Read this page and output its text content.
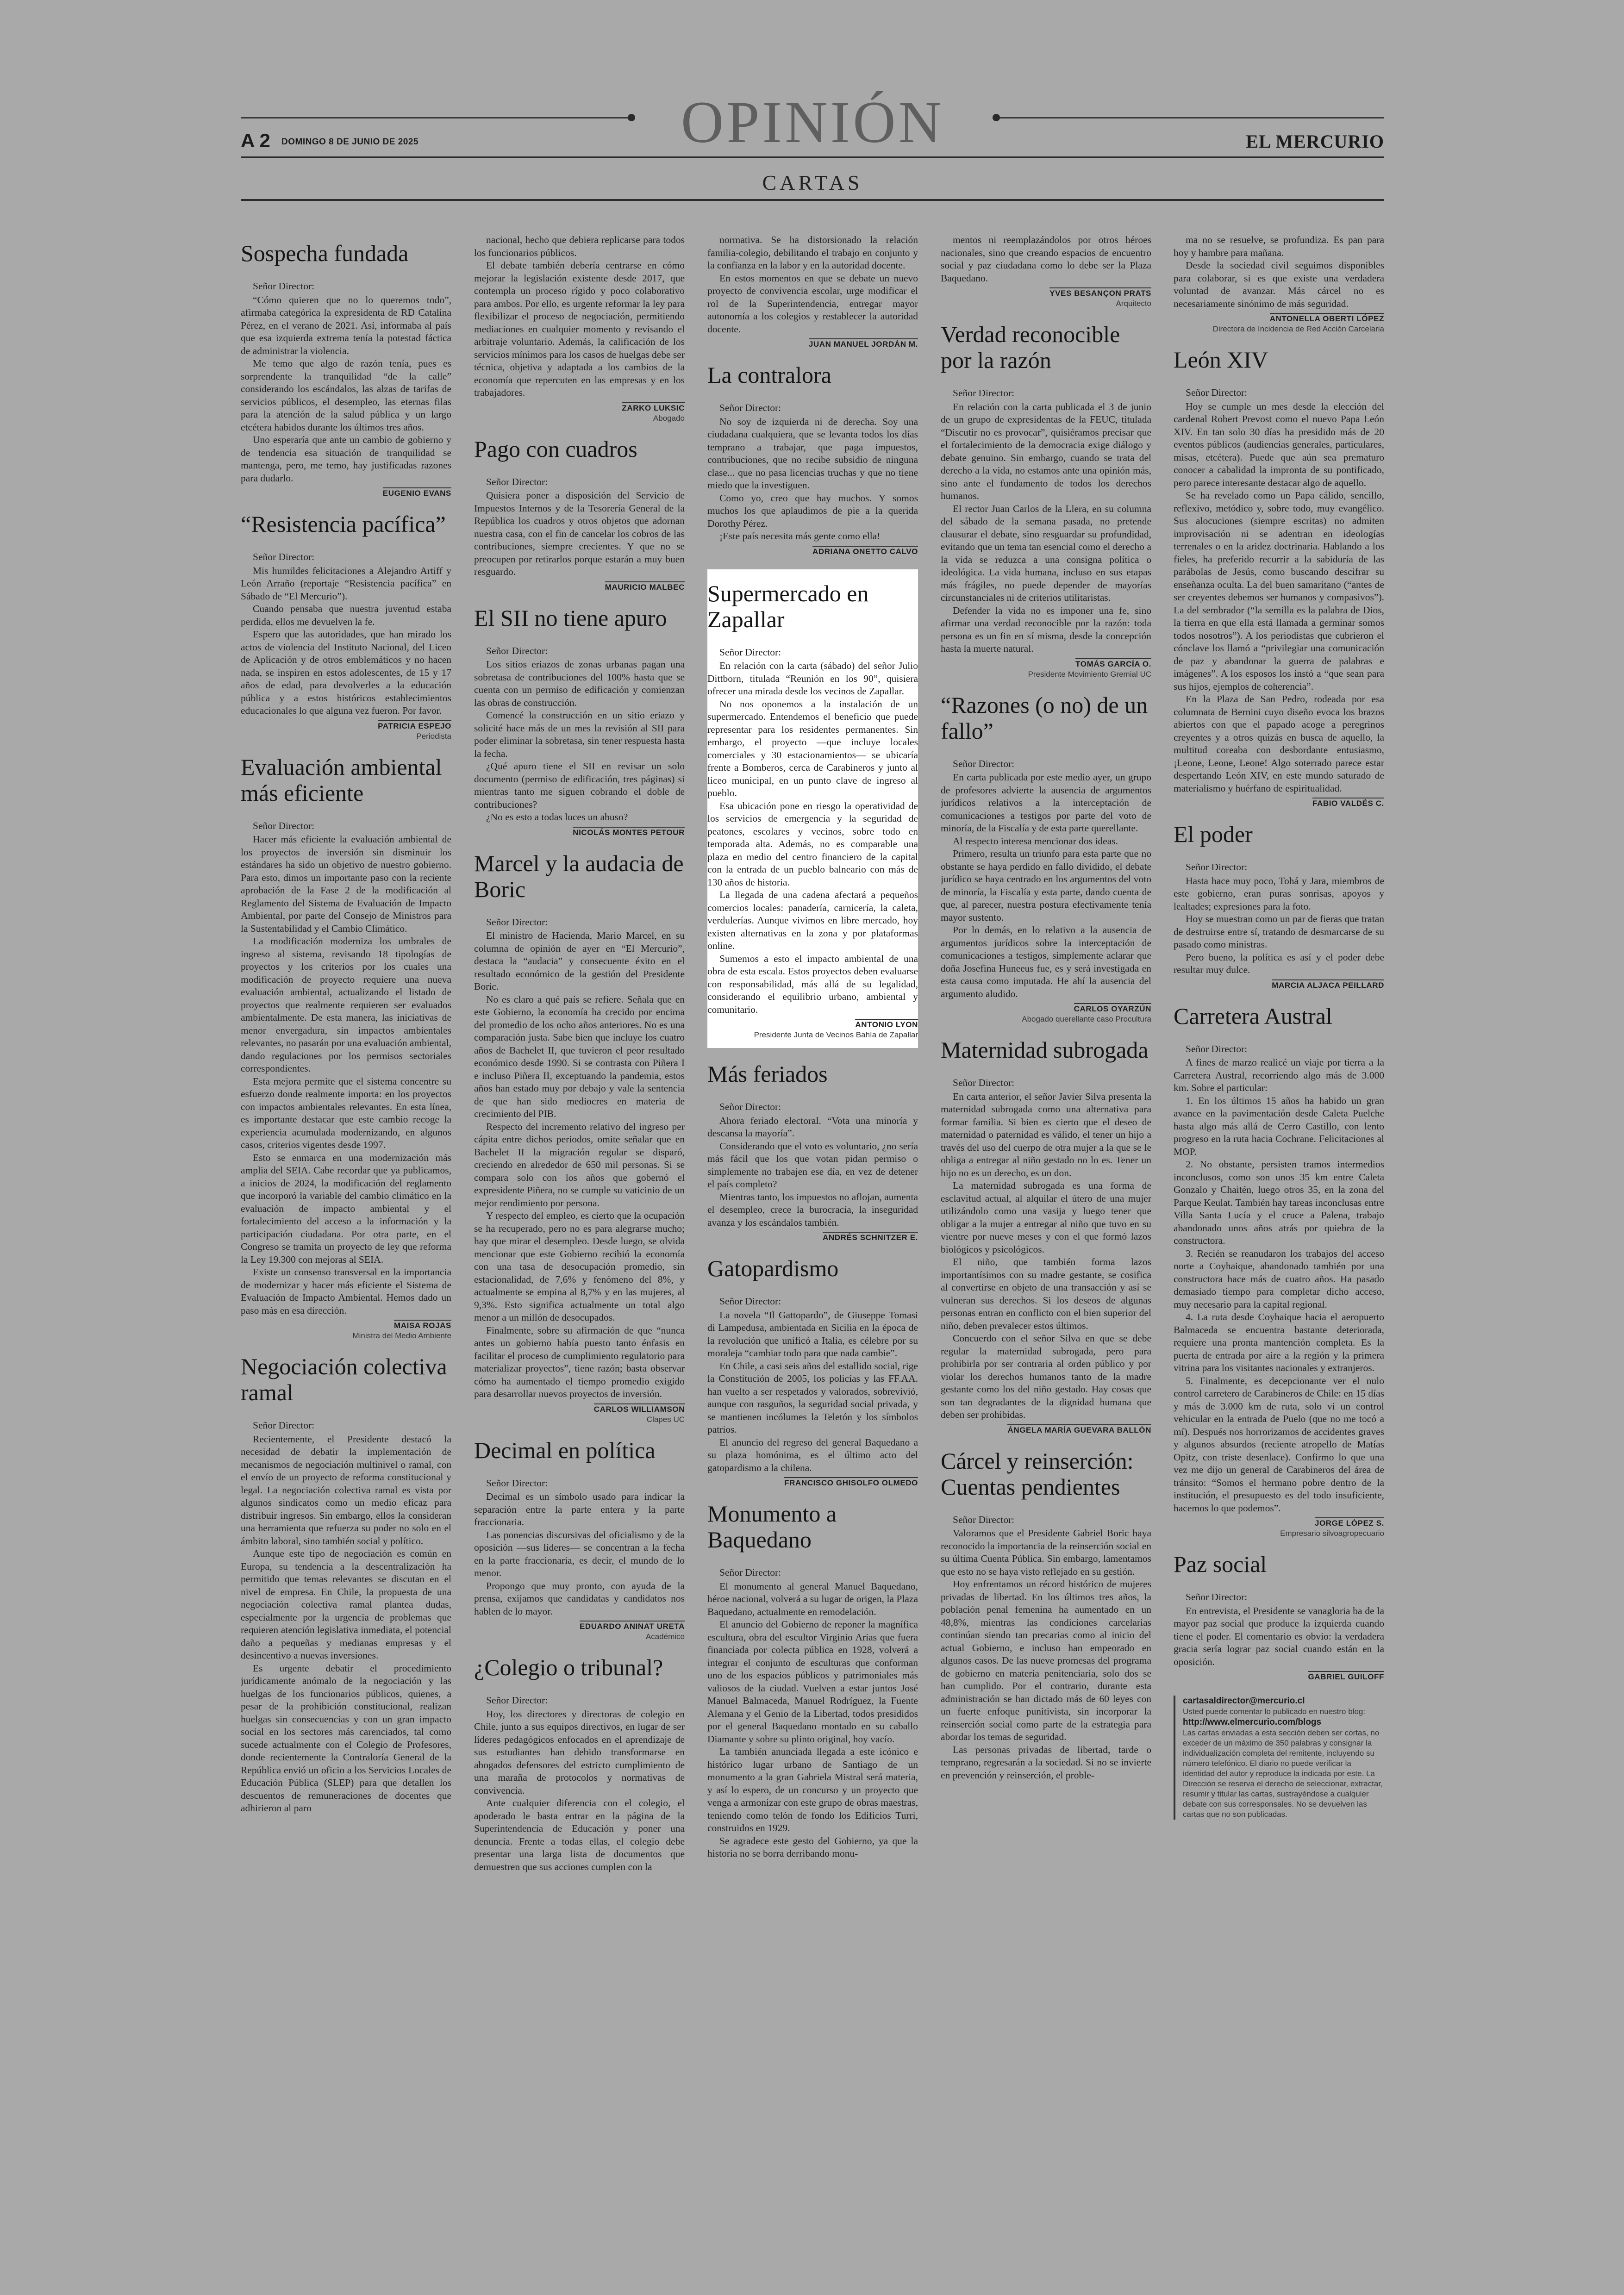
OPINIÓN
A 2 DOMINGO 8 DE JUNIO DE 2025	EL MERCURIO
CARTAS
Sospecha fundada

Señor Director:

“Cómo quieren que no lo queremos todo”, afirmaba categórica la expresidenta de RD Catalina Pérez, en el verano de 2021. Así, informaba al país que esa izquierda extrema tenía la potestad fáctica de administrar la violencia.

Me temo que algo de razón tenía, pues es sorprendente la tranquilidad “de la calle” considerando los escándalos, las alzas de tarifas de servicios públicos, el desempleo, las eternas filas para la atención de la salud pública y un largo etcétera habidos durante los últimos tres años.

Uno esperaría que ante un cambio de gobierno y de tendencia esa situación de tranquilidad se mantenga, pero, me temo, hay justificadas razones para dudarlo.

EUGENIO EVANS
“Resistencia pacífica”

Señor Director:

Mis humildes felicitaciones a Alejandro Artiff y León Arraño (reportaje “Resistencia pacífica” en Sábado de “El Mercurio”).

Cuando pensaba que nuestra juventud estaba perdida, ellos me devuelven la fe.

Espero que las autoridades, que han mirado los actos de violencia del Instituto Nacional, del Liceo de Aplicación y de otros emblemáticos y no hacen nada, se inspiren en estos adolescentes, de 15 y 17 años de edad, para devolverles a la educación pública y a estos históricos establecimientos educacionales lo que alguna vez fueron. Por favor.

PATRICIA ESPEJO
Periodista
Evaluación ambiental más eficiente

Señor Director:

Hacer más eficiente la evaluación ambiental de los proyectos de inversión sin disminuir los estándares ha sido un objetivo de nuestro gobierno. Para esto, dimos un importante paso con la reciente aprobación de la Fase 2 de la modificación al Reglamento del Sistema de Evaluación de Impacto Ambiental, por parte del Consejo de Ministros para la Sustentabilidad y el Cambio Climático.

La modificación moderniza los umbrales de ingreso al sistema, revisando 18 tipologías de proyectos y los criterios por los cuales una modificación de proyecto requiere una nueva evaluación ambiental, actualizando el listado de proyectos que realmente requieren ser evaluados ambientalmente. De esta manera, las iniciativas de menor envergadura, sin impactos ambientales relevantes, no pasarán por una evaluación ambiental, dando regulaciones por los permisos sectoriales correspondientes.

Esta mejora permite que el sistema concentre su esfuerzo donde realmente importa: en los proyectos con impactos ambientales relevantes. En esta línea, es importante destacar que este cambio recoge la experiencia acumulada modernizando, en algunos casos, criterios vigentes desde 1997.

Esto se enmarca en una modernización más amplia del SEIA. Cabe recordar que ya publicamos, a inicios de 2024, la modificación del reglamento que incorporó la variable del cambio climático en la evaluación de impacto ambiental y el fortalecimiento del acceso a la información y la participación ciudadana. Por otra parte, en el Congreso se tramita un proyecto de ley que reforma la Ley 19.300 con mejoras al SEIA.

Existe un consenso transversal en la importancia de modernizar y hacer más eficiente el Sistema de Evaluación de Impacto Ambiental. Hemos dado un paso más en esa dirección.

MAISA ROJAS
Ministra del Medio Ambiente
Negociación colectiva ramal

Señor Director:

Recientemente, el Presidente destacó la necesidad de debatir la implementación de mecanismos de negociación multinivel o ramal, con el envío de un proyecto de reforma constitucional y legal. La negociación colectiva ramal es vista por algunos sindicatos como un medio eficaz para distribuir ingresos. Sin embargo, ellos la consideran una herramienta que refuerza su poder no solo en el ámbito laboral, sino también social y político.

Aunque este tipo de negociación es común en Europa, su tendencia a la descentralización ha permitido que temas relevantes se discutan en el nivel de empresa. En Chile, la propuesta de una negociación colectiva ramal plantea dudas, especialmente por la urgencia de problemas que requieren atención legislativa inmediata, el potencial daño a pequeñas y medianas empresas y el desincentivo a nuevas inversiones.

Es urgente debatir el procedimiento jurídicamente anómalo de la negociación y las huelgas de los funcionarios públicos, quienes, a pesar de la prohibición constitucional, realizan huelgas sin consecuencias y con un gran impacto social en los sectores más carenciados, tal como sucede actualmente con el Colegio de Profesores, donde recientemente la Contraloría General de la República envió un oficio a los Servicios Locales de Educación Pública (SLEP) para que detallen los descuentos de remuneraciones de docentes que adhirieron al paro

nacional, hecho que debiera replicarse para todos los funcionarios públicos.

El debate también debería centrarse en cómo mejorar la legislación existente desde 2017, que contempla un proceso rígido y poco colaborativo para ambos. Por ello, es urgente reformar la ley para flexibilizar el proceso de negociación, permitiendo mediaciones en cualquier momento y revisando el arbitraje voluntario. Además, la calificación de los servicios mínimos para los casos de huelgas debe ser técnica, objetiva y adaptada a los cambios de la economía que repercuten en las empresas y en los trabajadores.

ZARKO LUKSIC
Abogado
Pago con cuadros

Señor Director:

Quisiera poner a disposición del Servicio de Impuestos Internos y de la Tesorería General de la República los cuadros y otros objetos que adornan nuestra casa, con el fin de cancelar los cobros de las contribuciones, siempre crecientes. Y que no se preocupen por retirarlos porque estarán a muy buen resguardo.

MAURICIO MALBEC
El SII no tiene apuro

Señor Director:

Los sitios eriazos de zonas urbanas pagan una sobretasa de contribuciones del 100% hasta que se cuenta con un permiso de edificación y comienzan las obras de construcción.

Comencé la construcción en un sitio eriazo y solicité hace más de un mes la revisión al SII para poder eliminar la sobretasa, sin tener respuesta hasta la fecha.

¿Qué apuro tiene el SII en revisar un solo documento (permiso de edificación, tres páginas) si mientras tanto me siguen cobrando el doble de contribuciones?

¿No es esto a todas luces un abuso?

NICOLÁS MONTES PETOUR
Marcel y la audacia de Boric

Señor Director:

El ministro de Hacienda, Mario Marcel, en su columna de opinión de ayer en “El Mercurio”, destaca la “audacia” y consecuente éxito en el resultado económico de la gestión del Presidente Boric.

No es claro a qué país se refiere. Señala que en este Gobierno, la economía ha crecido por encima del promedio de los ocho años anteriores. No es una comparación justa. Sabe bien que incluye los cuatro años de Bachelet II, que tuvieron el peor resultado económico desde 1990. Si se contrasta con Piñera I e incluso Piñera II, exceptuando la pandemia, estos años han estado muy por debajo y vale la sentencia de que han sido mediocres en materia de crecimiento del PIB.

Respecto del incremento relativo del ingreso per cápita entre dichos periodos, omite señalar que en Bachelet II la migración regular se disparó, creciendo en alrededor de 650 mil personas. Si se compara solo con los años que gobernó el expresidente Piñera, no se cumple su vaticinio de un mejor rendimiento por persona.

Y respecto del empleo, es cierto que la ocupación se ha recuperado, pero no es para alegrarse mucho; hay que mirar el desempleo. Desde luego, se olvida mencionar que este Gobierno recibió la economía con una tasa de desocupación promedio, sin estacionalidad, de 7,6% y fenómeno del 8%, y actualmente se empina al 8,7% y en las mujeres, al 9,3%. Esto significa actualmente un total algo menor a un millón de desocupados.

Finalmente, sobre su afirmación de que “nunca antes un gobierno había puesto tanto énfasis en facilitar el proceso de cumplimiento regulatorio para materializar proyectos”, tiene razón; basta observar cómo ha aumentado el tiempo promedio exigido para desarrollar nuevos proyectos de inversión.

CARLOS WILLIAMSON
Clapes UC
Decimal en política

Señor Director:

Decimal es un símbolo usado para indicar la separación entre la parte entera y la parte fraccionaria.

Las ponencias discursivas del oficialismo y de la oposición —sus líderes— se concentran a la fecha en la parte fraccionaria, es decir, el mundo de lo menor.

Propongo que muy pronto, con ayuda de la prensa, exijamos que candidatas y candidatos nos hablen de lo mayor.

EDUARDO ANINAT URETA
Académico
¿Colegio o tribunal?

Señor Director:

Hoy, los directores y directoras de colegio en Chile, junto a sus equipos directivos, en lugar de ser líderes pedagógicos enfocados en el aprendizaje de sus estudiantes han debido transformarse en abogados defensores del estricto cumplimiento de una maraña de protocolos y normativas de convivencia.

Ante cualquier diferencia con el colegio, el apoderado le basta entrar en la página de la Superintendencia de Educación y poner una denuncia. Frente a todas ellas, el colegio debe presentar una larga lista de documentos que demuestren que sus acciones cumplen con la

normativa. Se ha distorsionado la relación familia-colegio, debilitando el trabajo en conjunto y la confianza en la labor y en la autoridad docente.

En estos momentos en que se debate un nuevo proyecto de convivencia escolar, urge modificar el rol de la Superintendencia, entregar mayor autonomía a los colegios y restablecer la autoridad docente.

JUAN MANUEL JORDÁN M.
La contralora

Señor Director:

No soy de izquierda ni de derecha. Soy una ciudadana cualquiera, que se levanta todos los días temprano a trabajar, que paga impuestos, contribuciones, que no recibe subsidio de ninguna clase... que no pasa licencias truchas y que no tiene miedo que la investiguen.

Como yo, creo que hay muchos. Y somos muchos los que aplaudimos de pie a la querida Dorothy Pérez.

¡Este país necesita más gente como ella!

ADRIANA ONETTO CALVO
Supermercado en Zapallar

Señor Director:

En relación con la carta (sábado) del señor Julio Dittborn, titulada “Reunión en los 90”, quisiera ofrecer una mirada desde los vecinos de Zapallar.

No nos oponemos a la instalación de un supermercado. Entendemos el beneficio que puede representar para los residentes permanentes. Sin embargo, el proyecto —que incluye locales comerciales y 30 estacionamientos— se ubicaría frente a Bomberos, cerca de Carabineros y junto al liceo municipal, en un punto clave de ingreso al pueblo.

Esa ubicación pone en riesgo la operatividad de los servicios de emergencia y la seguridad de peatones, escolares y vecinos, sobre todo en temporada alta. Además, no es comparable una plaza en medio del centro financiero de la capital con la entrada de un pueblo balneario con más de 130 años de historia.

La llegada de una cadena afectará a pequeños comercios locales: panadería, carnicería, la caleta, verdulerías. Aunque vivimos en libre mercado, hoy existen alternativas en la zona y por plataformas online.

Sumemos a esto el impacto ambiental de una obra de esta escala. Estos proyectos deben evaluarse con responsabilidad, más allá de su legalidad, considerando el equilibrio urbano, ambiental y comunitario.

ANTONIO LYON
Presidente Junta de Vecinos Bahía de Zapallar
Más feriados

Señor Director:

Ahora feriado electoral. “Vota una minoría y descansa la mayoría”.

Considerando que el voto es voluntario, ¿no sería más fácil que los que votan pidan permiso o simplemente no trabajen ese día, en vez de detener el país completo?

Mientras tanto, los impuestos no aflojan, aumenta el desempleo, crece la burocracia, la inseguridad avanza y los escándalos también.

ANDRÉS SCHNITZER E.
Gatopardismo

Señor Director:

La novela “Il Gattopardo”, de Giuseppe Tomasi di Lampedusa, ambientada en Sicilia en la época de la revolución que unificó a Italia, es célebre por su moraleja “cambiar todo para que nada cambie”.

En Chile, a casi seis años del estallido social, rige la Constitución de 2005, los policías y las FF.AA. han vuelto a ser respetados y valorados, sobrevivió, aunque con rasguños, la seguridad social privada, y se mantienen incólumes la Teletón y los símbolos patrios.

El anuncio del regreso del general Baquedano a su plaza homónima, es el último acto del gatopardismo a la chilena.

FRANCISCO GHISOLFO OLMEDO
Monumento a Baquedano

Señor Director:

El monumento al general Manuel Baquedano, héroe nacional, volverá a su lugar de origen, la Plaza Baquedano, actualmente en remodelación.

El anuncio del Gobierno de reponer la magnífica escultura, obra del escultor Virginio Arias que fuera financiada por colecta pública en 1928, volverá a integrar el conjunto de esculturas que conforman uno de los espacios públicos y patrimoniales más valiosos de la ciudad. Vuelven a estar juntos José Manuel Balmaceda, Manuel Rodríguez, la Fuente Alemana y el Genio de la Libertad, todos presididos por el general Baquedano montado en su caballo Diamante y sobre su plinto original, hoy vacío.

La también anunciada llegada a este icónico e histórico lugar urbano de Santiago de un monumento a la gran Gabriela Mistral será materia, y así lo espero, de un concurso y un proyecto que venga a armonizar con este grupo de obras maestras, teniendo como telón de fondo los Edificios Turri, construidos en 1929.

Se agradece este gesto del Gobierno, ya que la historia no se borra derribando monu-

mentos ni reemplazándolos por otros héroes nacionales, sino que creando espacios de encuentro social y paz ciudadana como lo debe ser la Plaza Baquedano.

YVES BESANÇON PRATS
Arquitecto
Verdad reconocible por la razón

Señor Director:

En relación con la carta publicada el 3 de junio de un grupo de expresidentas de la FEUC, titulada “Discutir no es provocar”, quisiéramos precisar que el fortalecimiento de la democracia exige diálogo y debate genuino. Sin embargo, cuando se trata del derecho a la vida, no estamos ante una opinión más, sino ante el fundamento de todos los derechos humanos.

El rector Juan Carlos de la Llera, en su columna del sábado de la semana pasada, no pretende clausurar el debate, sino resguardar su profundidad, evitando que un tema tan esencial como el derecho a la vida se reduzca a una consigna política o ideológica. La vida humana, incluso en sus etapas más frágiles, no puede depender de mayorías circunstanciales ni de criterios utilitaristas.

Defender la vida no es imponer una fe, sino afirmar una verdad reconocible por la razón: toda persona es un fin en sí misma, desde la concepción hasta la muerte natural.

TOMÁS GARCÍA O.
Presidente Movimiento Gremial UC
“Razones (o no) de un fallo”

Señor Director:

En carta publicada por este medio ayer, un grupo de profesores advierte la ausencia de argumentos jurídicos relativos a la interceptación de comunicaciones a testigos por parte del voto de minoría, de la Fiscalía y de esta parte querellante.

Al respecto interesa mencionar dos ideas.

Primero, resulta un triunfo para esta parte que no obstante se haya perdido en fallo dividido, el debate jurídico se haya centrado en los argumentos del voto de minoría, la Fiscalía y esta parte, dando cuenta de que, al parecer, nuestra postura efectivamente tenía mayor sustento.

Por lo demás, en lo relativo a la ausencia de argumentos jurídicos sobre la interceptación de comunicaciones a testigos, simplemente aclarar que doña Josefina Huneeus fue, es y será investigada en esta causa como imputada. He ahí la ausencia del argumento aludido.

CARLOS OYARZÚN
Abogado querellante caso Procultura
Maternidad subrogada

Señor Director:

En carta anterior, el señor Javier Silva presenta la maternidad subrogada como una alternativa para formar familia. Si bien es cierto que el deseo de maternidad o paternidad es válido, el tener un hijo a través del uso del cuerpo de otra mujer a la que se le obliga a entregar al niño gestado no lo es. Tener un hijo no es un derecho, es un don.

La maternidad subrogada es una forma de esclavitud actual, al alquilar el útero de una mujer utilizándolo como una vasija y luego tener que obligar a la mujer a entregar al niño que tuvo en su vientre por nueve meses y con el que formó lazos biológicos y psicológicos.

El niño, que también forma lazos importantísimos con su madre gestante, se cosifica al convertirse en objeto de una transacción y así se vulneran sus derechos. Si los deseos de algunas personas entran en conflicto con el bien superior del niño, deben prevalecer estos últimos.

Concuerdo con el señor Silva en que se debe regular la maternidad subrogada, pero para prohibirla por ser contraria al orden público y por violar los derechos humanos tanto de la madre gestante como los del niño gestado. Hay cosas que son tan degradantes de la dignidad humana que deben ser prohibidas.

ÁNGELA MARÍA GUEVARA BALLÓN
Cárcel y reinserción: Cuentas pendientes

Señor Director:

Valoramos que el Presidente Gabriel Boric haya reconocido la importancia de la reinserción social en su última Cuenta Pública. Sin embargo, lamentamos que esto no se haya visto reflejado en su gestión.

Hoy enfrentamos un récord histórico de mujeres privadas de libertad. En los últimos tres años, la población penal femenina ha aumentado en un 48,8%, mientras las condiciones carcelarias continúan siendo tan precarias como al inicio del actual Gobierno, e incluso han empeorado en algunos casos. De las nueve promesas del programa de gobierno en materia penitenciaria, solo dos se han cumplido. Por el contrario, durante esta administración se han dictado más de 60 leyes con un fuerte enfoque punitivista, sin incorporar la reinserción social como parte de la estrategia para abordar los temas de seguridad.

Las personas privadas de libertad, tarde o temprano, regresarán a la sociedad. Si no se invierte en prevención y reinserción, el proble-

ma no se resuelve, se profundiza. Es pan para hoy y hambre para mañana.

Desde la sociedad civil seguimos disponibles para colaborar, si es que existe una verdadera voluntad de avanzar. Más cárcel no es necesariamente sinónimo de más seguridad.

ANTONELLA OBERTI LÓPEZ
Directora de Incidencia de Red Acción Carcelaria
León XIV

Señor Director:

Hoy se cumple un mes desde la elección del cardenal Robert Prevost como el nuevo Papa León XIV. En tan solo 30 días ha presidido más de 20 eventos públicos (audiencias generales, particulares, misas, etcétera). Puede que aún sea prematuro conocer a cabalidad la impronta de su pontificado, pero parece interesante destacar algo de aquello.

Se ha revelado como un Papa cálido, sencillo, reflexivo, metódico y, sobre todo, muy evangélico. Sus alocuciones (siempre escritas) no admiten improvisación ni se adentran en ideologías terrenales o en la aridez doctrinaria. Hablando a los fieles, ha preferido recurrir a la sabiduría de las parábolas de Jesús, como buscando descifrar su enseñanza oculta. La del buen samaritano (“antes de ser creyentes debemos ser humanos y compasivos”). La del sembrador (“la semilla es la palabra de Dios, la tierra en que ella está llamada a germinar somos todos nosotros”). A los periodistas que cubrieron el cónclave los llamó a “privilegiar una comunicación de paz y abandonar la guerra de palabras e imágenes”. A los esposos los instó a “que sean para sus hijos, ejemplos de coherencia”.

En la Plaza de San Pedro, rodeada por esa columnata de Bernini cuyo diseño evoca los brazos abiertos con que el papado acoge a peregrinos creyentes y a otros quizás en busca de aquello, la multitud coreaba con desbordante entusiasmo, ¡Leone, Leone, Leone! Algo soterrado parece estar despertando León XIV, en este mundo saturado de materialismo y huérfano de espiritualidad.

FABIO VALDÉS C.
El poder

Señor Director:

Hasta hace muy poco, Tohá y Jara, miembros de este gobierno, eran puras sonrisas, apoyos y lealtades; expresiones para la foto.

Hoy se muestran como un par de fieras que tratan de destruirse entre sí, tratando de desmarcarse de su pasado como ministras.

Pero bueno, la política es así y el poder debe resultar muy dulce.

MARCIA ALJACA PEILLARD
Carretera Austral

Señor Director:

A fines de marzo realicé un viaje por tierra a la Carretera Austral, recorriendo algo más de 3.000 km. Sobre el particular:

1. En los últimos 15 años ha habido un gran avance en la pavimentación desde Caleta Puelche hasta algo más allá de Cerro Castillo, con lento progreso en la ruta hacia Cochrane. Felicitaciones al MOP.

2. No obstante, persisten tramos intermedios inconclusos, como son unos 35 km entre Caleta Gonzalo y Chaitén, luego otros 35, en la zona del Parque Keulat. También hay tareas inconclusas entre Villa Santa Lucía y el cruce a Palena, trabajo abandonado unos años atrás por quiebra de la constructora.

3. Recién se reanudaron los trabajos del acceso norte a Coyhaique, abandonado también por una constructora hace más de cuatro años. Ha pasado demasiado tiempo para completar dicho acceso, muy necesario para la capital regional.

4. La ruta desde Coyhaique hacia el aeropuerto Balmaceda se encuentra bastante deteriorada, requiere una pronta mantención completa. Es la puerta de entrada por aire a la región y la primera vitrina para los visitantes nacionales y extranjeros.

5. Finalmente, es decepcionante ver el nulo control carretero de Carabineros de Chile: en 15 días y más de 3.000 km de ruta, solo vi un control vehicular en la entrada de Puelo (que no me tocó a mí). Después nos horrorizamos de accidentes graves y algunos absurdos (reciente atropello de Matías Opitz, con triste desenlace). Confirmo lo que una vez me dijo un general de Carabineros del área de tránsito: “Somos el hermano pobre dentro de la institución, el presupuesto es del todo insuficiente, hacemos lo que podemos”.

JORGE LÓPEZ S.
Empresario silvoagropecuario
Paz social

Señor Director:

En entrevista, el Presidente se vanagloria ba de la mayor paz social que produce la izquierda cuando tiene el poder. El comentario es obvio: la verdadera gracia sería lograr paz social cuando están en la oposición.

GABRIEL GUILOFF
cartasaldirector@mercurio.cl
Usted puede comentar lo publicado en nuestro blog:
http://www.elmercurio.com/blogs
Las cartas enviadas a esta sección deben ser cortas, no exceder de un máximo de 350 palabras y consignar la individualización completa del remitente, incluyendo su número telefónico. El diario no puede verificar la identidad del autor y reproduce la indicada por este. La Dirección se reserva el derecho de seleccionar, extractar, resumir y titular las cartas, sustrayéndose a cualquier debate con sus corresponsales. No se devuelven las cartas que no son publicadas.
